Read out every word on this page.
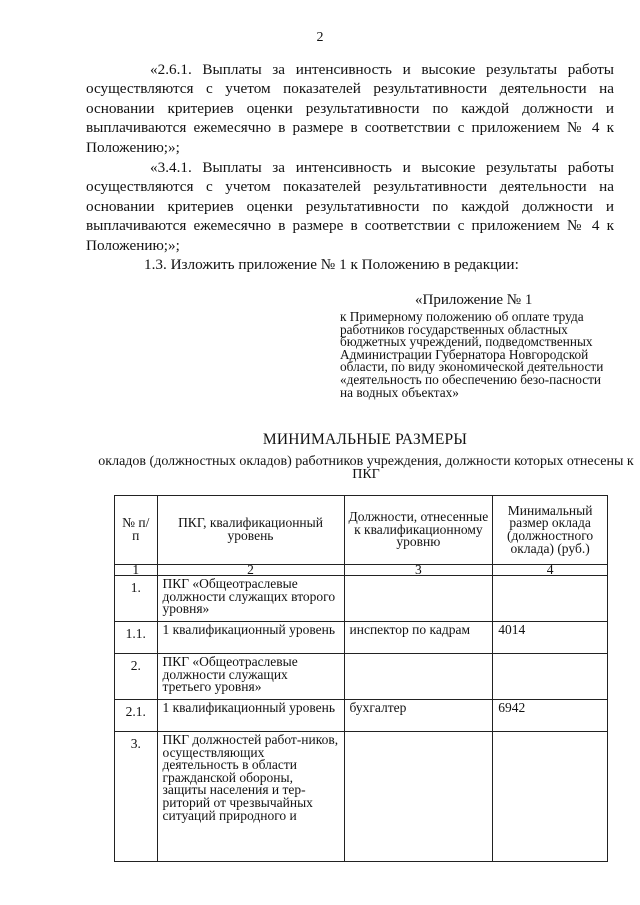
2

«2.6.1. Выплаты за интенсивность и высокие результаты работы осуществляются с учетом показателей результативности деятельности на основании критериев оценки результативности по каждой должности и выплачиваются ежемесячно в размере в соответствии с приложением № 4 к Положению;»;

«3.4.1. Выплаты за интенсивность и высокие результаты работы осуществляются с учетом показателей результативности деятельности на основании критериев оценки результативности по каждой должности и выплачиваются ежемесячно в размере в соответствии с приложением № 4 к Положению;»;

1.3. Изложить приложение № 1 к Положению в редакции:

«Приложение № 1

к Примерному положению об оплате труда работников государственных областных бюджетных учреждений, подведомственных Администрации Губернатора Новгородской области, по виду экономической деятельности «деятельность по обеспечению безо-пасности на водных объектах»

МИНИМАЛЬНЫЕ РАЗМЕРЫ

окладов (должностных окладов) работников учреждения, должности которых отнесены к ПКГ

№ п/п	ПКГ, квалификационный уровень	Должности, отнесенные к квалификационному уровню	Минимальный размер оклада (должностного оклада) (руб.)
1	2	3	4
1.	ПКГ «Общеотраслевые должности служащих второго уровня»		
1.1.	1 квалификационный уровень	инспектор по кадрам	4014
2.	ПКГ «Общеотраслевые должности служащих третьего уровня»		
2.1.	1 квалификационный уровень	бухгалтер	6942
3.	ПКГ должностей работ-ников, осуществляющих деятельность в области гражданской обороны, защиты населения и тер-риторий от чрезвычайных ситуаций природного и		
